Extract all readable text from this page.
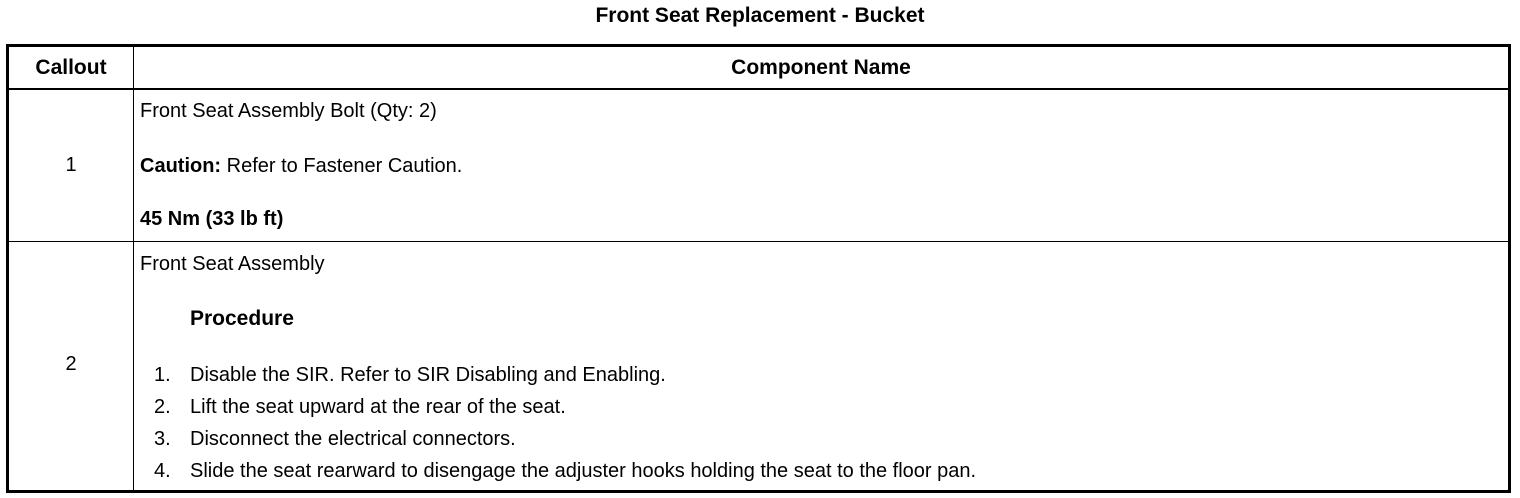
Front Seat Replacement - Bucket
Callout	Component Name
1
Front Seat Assembly Bolt (Qty: 2)
Caution: Refer to Fastener Caution.
45 Nm (33 lb ft)
2
Front Seat Assembly
Procedure
1. Disable the SIR. Refer to SIR Disabling and Enabling.
2. Lift the seat upward at the rear of the seat.
3. Disconnect the electrical connectors.
4. Slide the seat rearward to disengage the adjuster hooks holding the seat to the floor pan.
